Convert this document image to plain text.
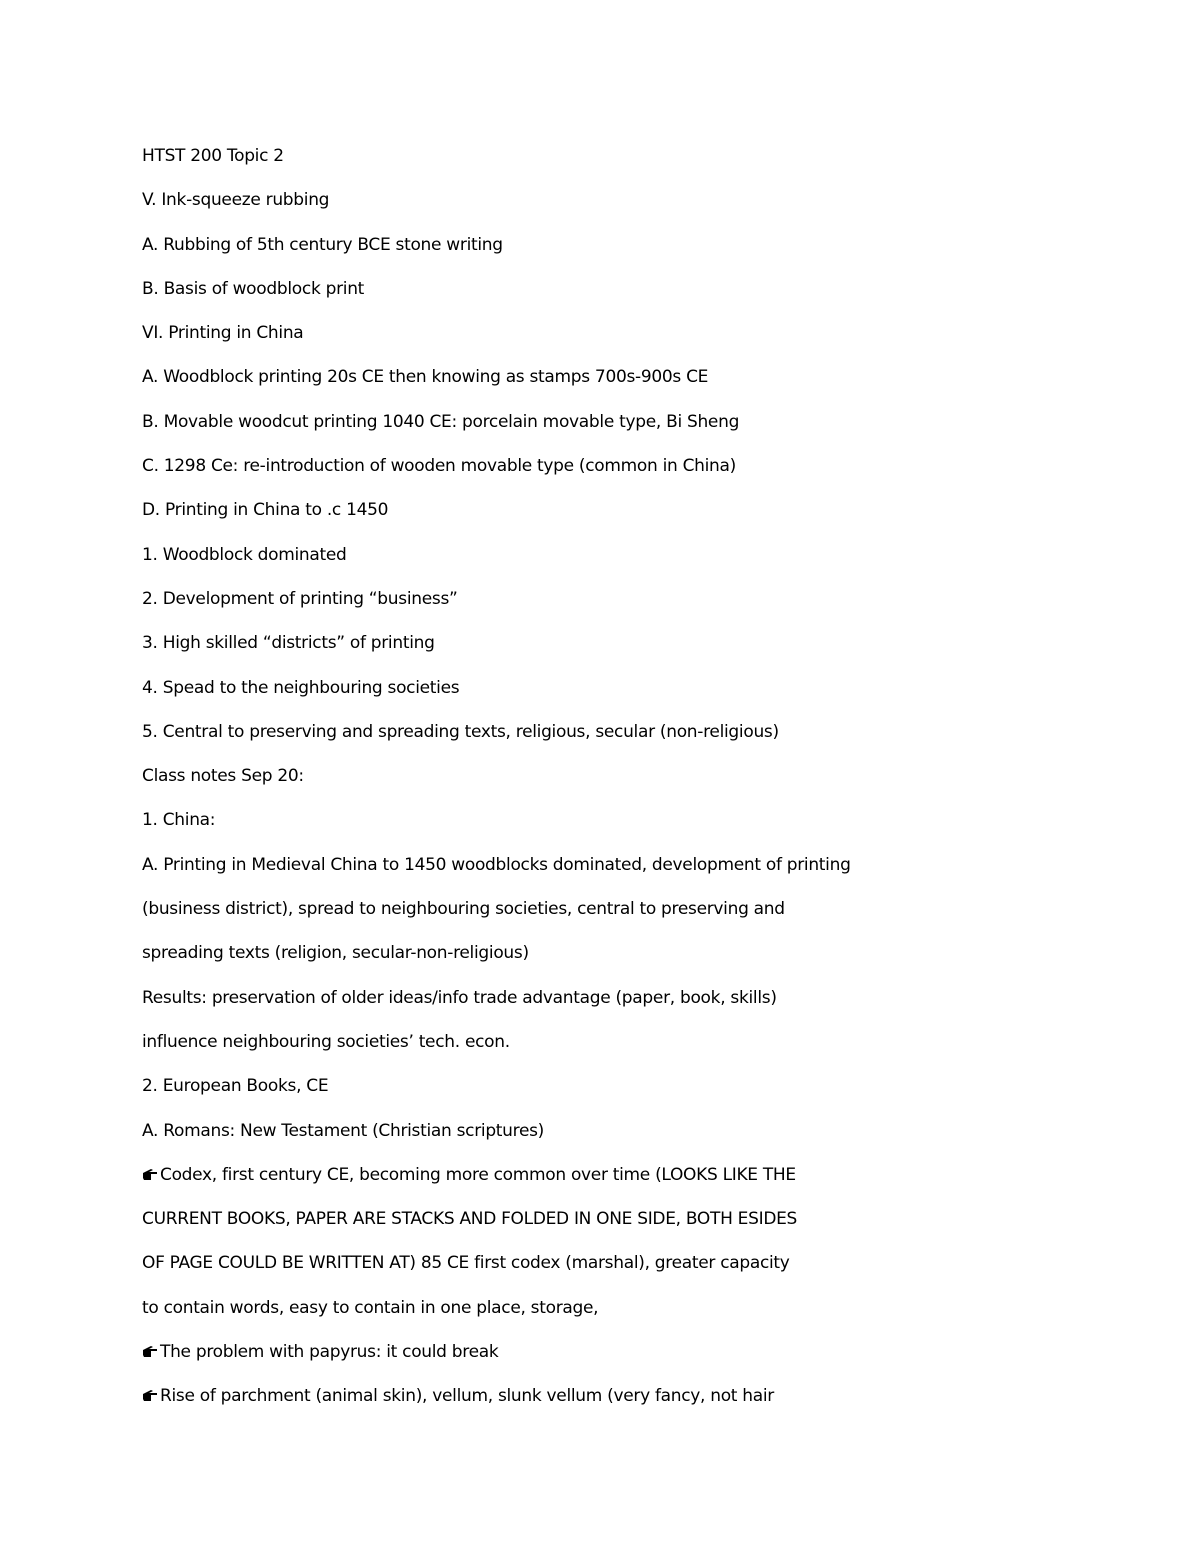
HTST 200 Topic 2
V. Ink-squeeze rubbing
A. Rubbing of 5th century BCE stone writing
B. Basis of woodblock print
VI. Printing in China
A. Woodblock printing 20s CE then knowing as stamps 700s-900s CE
B. Movable woodcut printing 1040 CE: porcelain movable type, Bi Sheng
C. 1298 Ce: re-introduction of wooden movable type (common in China)
D. Printing in China to .c 1450
1. Woodblock dominated
2. Development of printing “business”
3. High skilled “districts” of printing
4. Spead to the neighbouring societies
5. Central to preserving and spreading texts, religious, secular (non-religious)
Class notes Sep 20:
1. China:
A. Printing in Medieval China to 1450 woodblocks dominated, development of printing
(business district), spread to neighbouring societies, central to preserving and
spreading texts (religion, secular-non-religious)
Results: preservation of older ideas/info trade advantage (paper, book, skills)
influence neighbouring societies’ tech. econ.
2. European Books, CE
A. Romans: New Testament (Christian scriptures)
Codex, first century CE, becoming more common over time (LOOKS LIKE THE
CURRENT BOOKS, PAPER ARE STACKS AND FOLDED IN ONE SIDE, BOTH ESIDES
OF PAGE COULD BE WRITTEN AT) 85 CE first codex (marshal), greater capacity
to contain words, easy to contain in one place, storage,
The problem with papyrus: it could break
Rise of parchment (animal skin), vellum, slunk vellum (very fancy, not hair
